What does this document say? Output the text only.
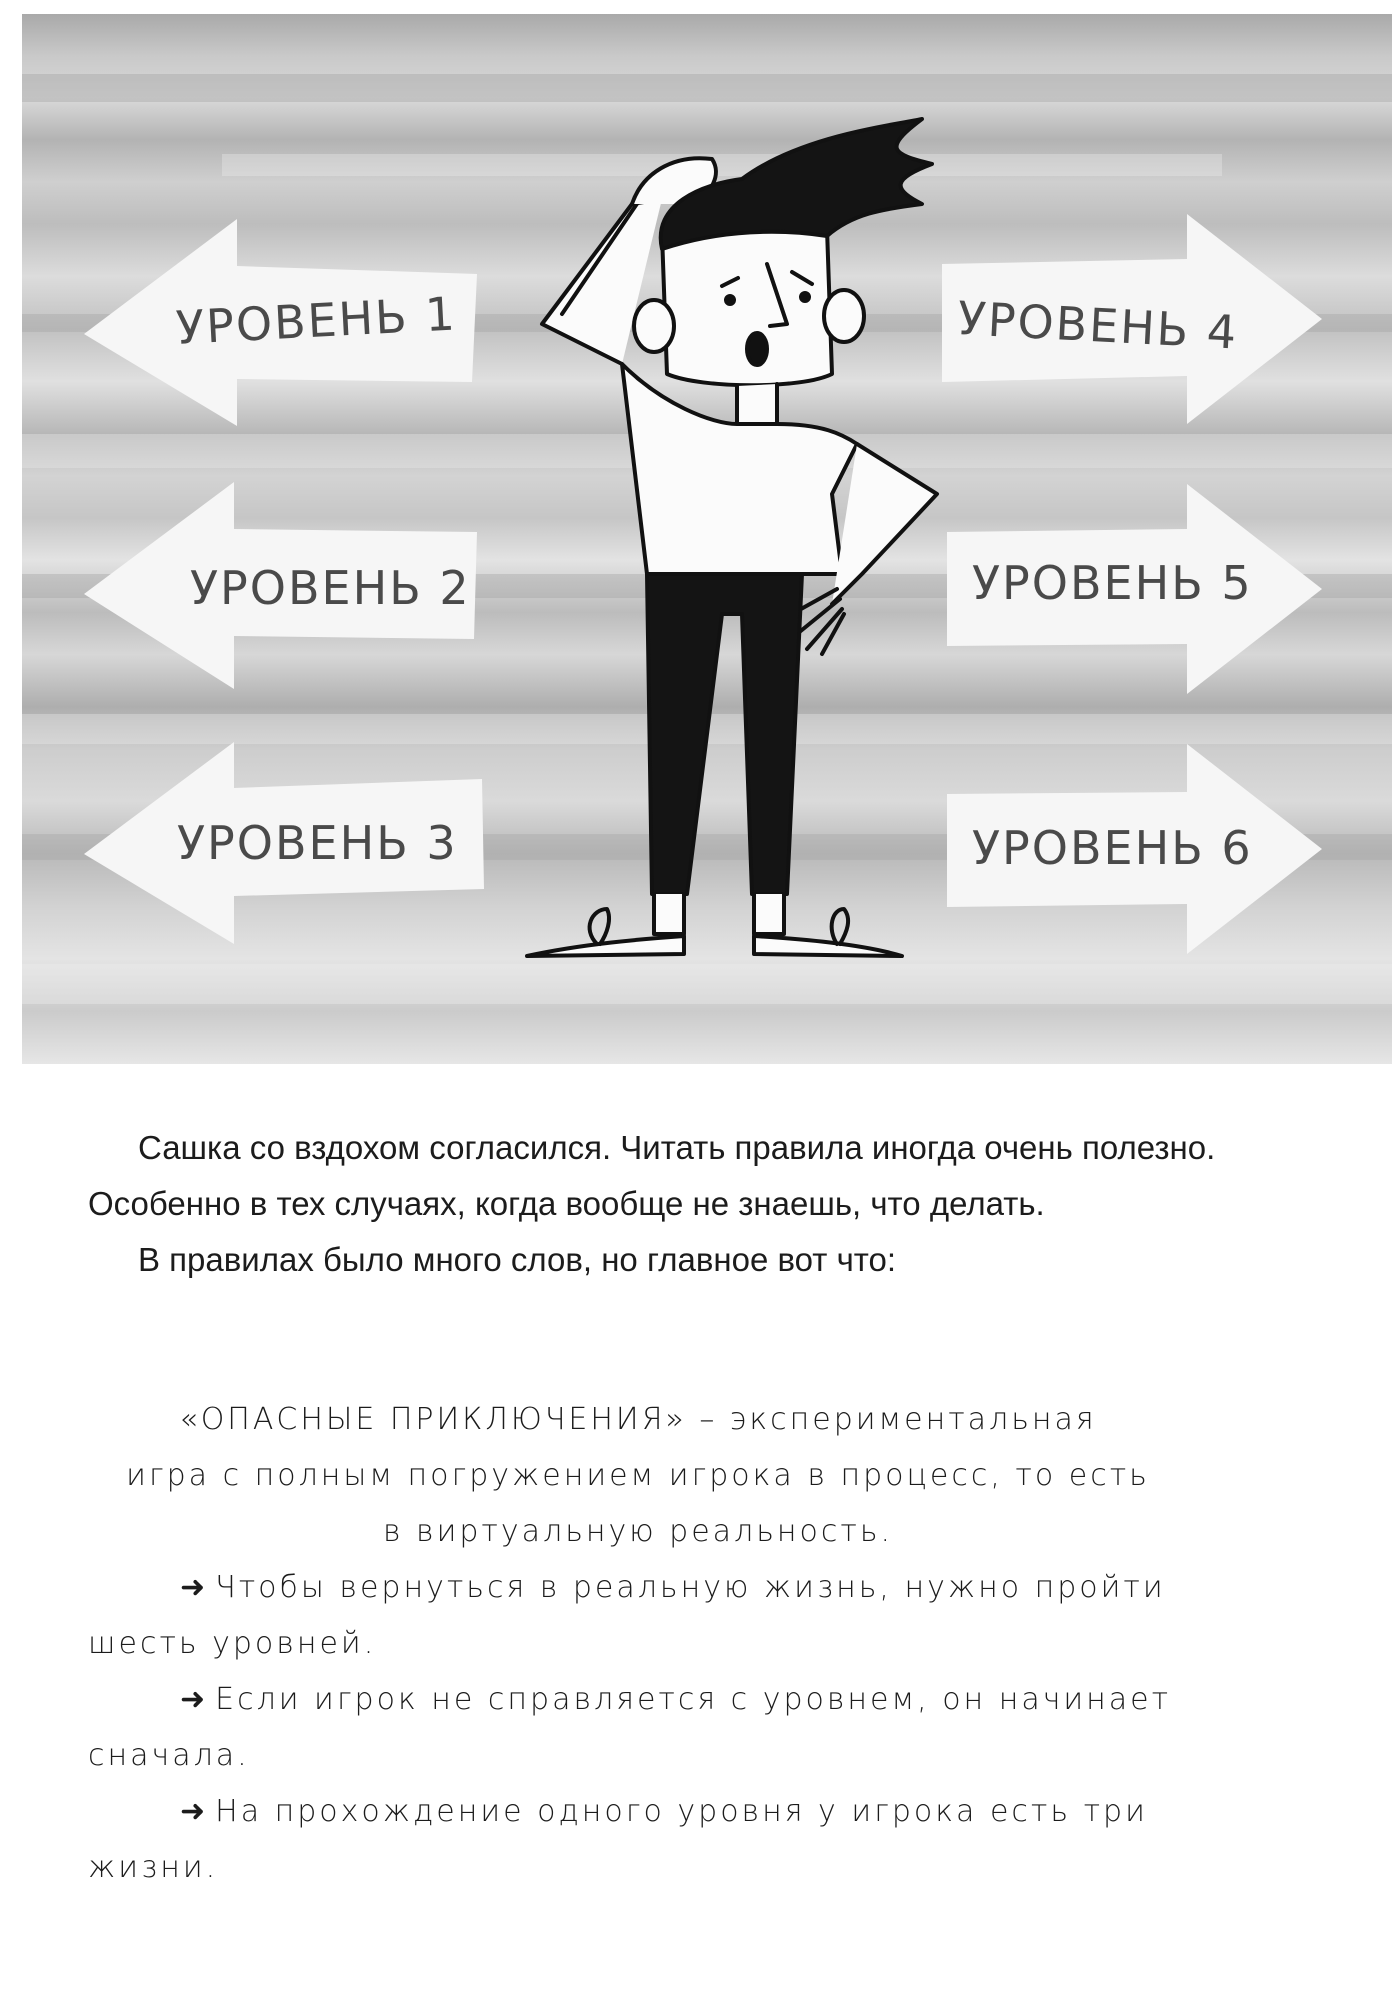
УРОВЕНЬ 1
УРОВЕНЬ 2
УРОВЕНЬ 3
УРОВЕНЬ 4
УРОВЕНЬ 5
УРОВЕНЬ 6

Сашка со вздохом согласился. Читать правила иногда очень полезно. Особенно в тех случаях, когда вообще не знаешь, что делать.

В правилах было много слов, но главное вот что:

«ОПАСНЫЕ ПРИКЛЮЧЕНИЯ» – экспериментальная

игра с полным погружением игрока в процесс, то есть

в виртуальную реальность.

➜ Чтобы вернуться в реальную жизнь, нужно пройти шесть уровней.

➜ Если игрок не справляется с уровнем, он начинает сначала.

➜ На прохождение одного уровня у игрока есть три жизни.
